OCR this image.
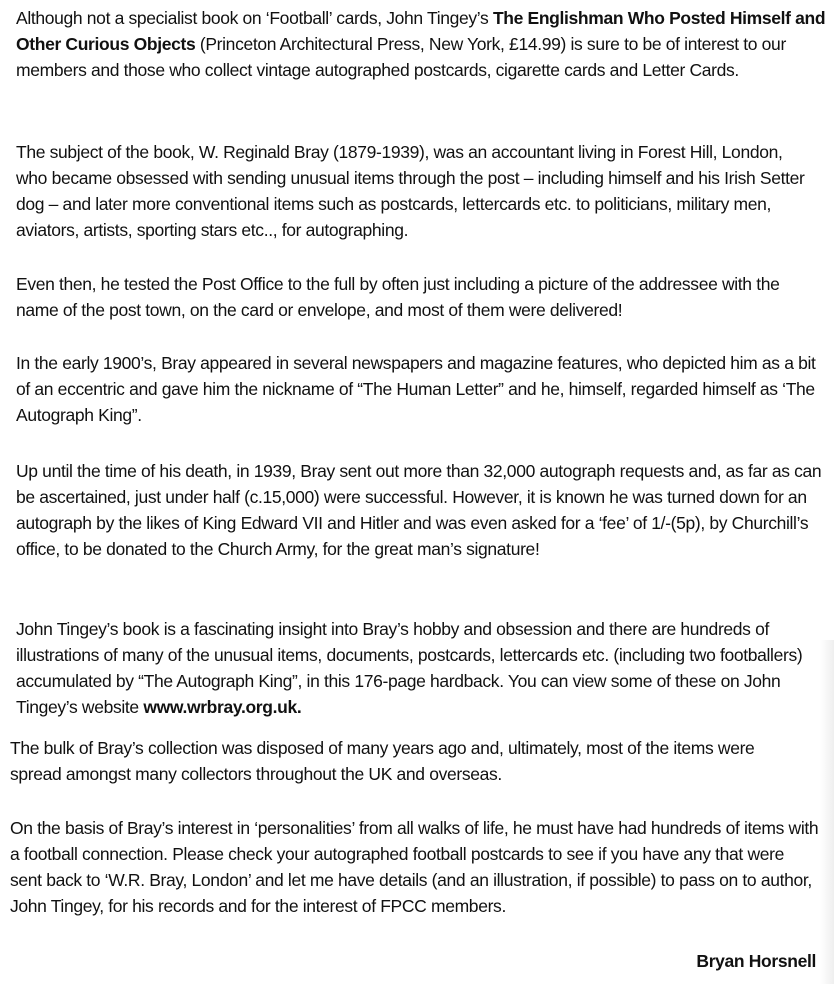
Although not a specialist book on ‘Football’ cards, John Tingey’s The Englishman Who Posted Himself and Other Curious Objects (Princeton Architectural Press, New York, £14.99) is sure to be of interest to our members and those who collect vintage autographed postcards, cigarette cards and Letter Cards.

The subject of the book, W. Reginald Bray (1879-1939), was an accountant living in Forest Hill, London, who became obsessed with sending unusual items through the post – including himself and his Irish Setter dog – and later more conventional items such as postcards, lettercards etc. to politicians, military men, aviators, artists, sporting stars etc.., for autographing.

Even then, he tested the Post Office to the full by often just including a picture of the addressee with the name of the post town, on the card or envelope, and most of them were delivered!

In the early 1900’s, Bray appeared in several newspapers and magazine features, who depicted him as a bit of an eccentric and gave him the nickname of “The Human Letter” and he, himself, regarded himself as ‘The Autograph King”.

Up until the time of his death, in 1939, Bray sent out more than 32,000 autograph requests and, as far as can be ascertained, just under half (c.15,000) were successful. However, it is known he was turned down for an autograph by the likes of King Edward VII and Hitler and was even asked for a ‘fee’ of 1/-(5p), by Churchill’s office, to be donated to the Church Army, for the great man’s signature!

John Tingey’s book is a fascinating insight into Bray’s hobby and obsession and there are hundreds of illustrations of many of the unusual items, documents, postcards, lettercards etc. (including two footballers) accumulated by “The Autograph King”, in this 176-page hardback. You can view some of these on John Tingey’s website www.wrbray.org.uk.

The bulk of Bray’s collection was disposed of many years ago and, ultimately, most of the items were spread amongst many collectors throughout the UK and overseas.

On the basis of Bray’s interest in ‘personalities’ from all walks of life, he must have had hundreds of items with a football connection. Please check your autographed football postcards to see if you have any that were sent back to ‘W.R. Bray, London’ and let me have details (and an illustration, if possible) to pass on to author, John Tingey, for his records and for the interest of FPCC members.

Bryan Horsnell
